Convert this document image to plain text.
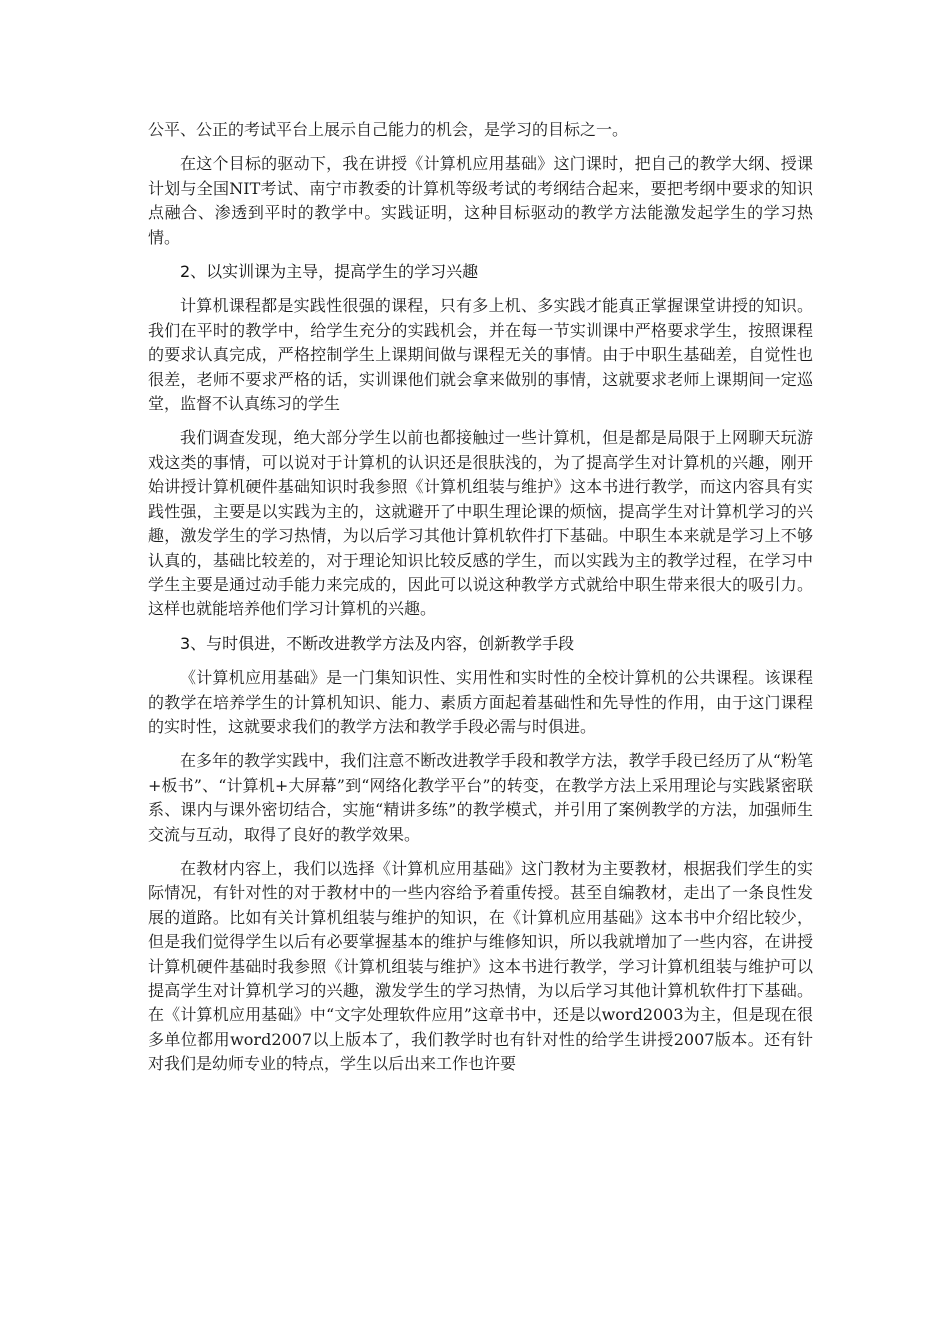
公平、公正的考试平台上展示自己能力的机会，是学习的目标之一。

在这个目标的驱动下，我在讲授《计算机应用基础》这门课时，把自己的教学大纲、授课计划与全国NIT考试、南宁市教委的计算机等级考试的考纲结合起来，要把考纲中要求的知识点融合、渗透到平时的教学中。实践证明，这种目标驱动的教学方法能激发起学生的学习热情。

2、以实训课为主导，提高学生的学习兴趣

计算机课程都是实践性很强的课程，只有多上机、多实践才能真正掌握课堂讲授的知识。我们在平时的教学中，给学生充分的实践机会，并在每一节实训课中严格要求学生，按照课程的要求认真完成，严格控制学生上课期间做与课程无关的事情。由于中职生基础差，自觉性也很差，老师不要求严格的话，实训课他们就会拿来做别的事情，这就要求老师上课期间一定巡堂，监督不认真练习的学生

我们调查发现，绝大部分学生以前也都接触过一些计算机，但是都是局限于上网聊天玩游戏这类的事情，可以说对于计算机的认识还是很肤浅的，为了提高学生对计算机的兴趣，刚开始讲授计算机硬件基础知识时我参照《计算机组装与维护》这本书进行教学，而这内容具有实践性强，主要是以实践为主的，这就避开了中职生理论课的烦恼，提高学生对计算机学习的兴趣，激发学生的学习热情，为以后学习其他计算机软件打下基础。中职生本来就是学习上不够认真的，基础比较差的，对于理论知识比较反感的学生，而以实践为主的教学过程，在学习中学生主要是通过动手能力来完成的，因此可以说这种教学方式就给中职生带来很大的吸引力。这样也就能培养他们学习计算机的兴趣。

3、与时俱进，不断改进教学方法及内容，创新教学手段

《计算机应用基础》是一门集知识性、实用性和实时性的全校计算机的公共课程。该课程的教学在培养学生的计算机知识、能力、素质方面起着基础性和先导性的作用，由于这门课程的实时性，这就要求我们的教学方法和教学手段必需与时俱进。

在多年的教学实践中，我们注意不断改进教学手段和教学方法，教学手段已经历了从“粉笔+板书”、“计算机+大屏幕”到“网络化教学平台”的转变，在教学方法上采用理论与实践紧密联系、课内与课外密切结合，实施“精讲多练”的教学模式，并引用了案例教学的方法，加强师生交流与互动，取得了良好的教学效果。

在教材内容上，我们以选择《计算机应用基础》这门教材为主要教材，根据我们学生的实际情况，有针对性的对于教材中的一些内容给予着重传授。甚至自编教材，走出了一条良性发展的道路。比如有关计算机组装与维护的知识，在《计算机应用基础》这本书中介绍比较少，但是我们觉得学生以后有必要掌握基本的维护与维修知识，所以我就增加了一些内容，在讲授计算机硬件基础时我参照《计算机组装与维护》这本书进行教学，学习计算机组装与维护可以提高学生对计算机学习的兴趣，激发学生的学习热情，为以后学习其他计算机软件打下基础。在《计算机应用基础》中“文字处理软件应用”这章书中，还是以word2003为主，但是现在很多单位都用word2007以上版本了，我们教学时也有针对性的给学生讲授2007版本。还有针对我们是幼师专业的特点，学生以后出来工作也许要
